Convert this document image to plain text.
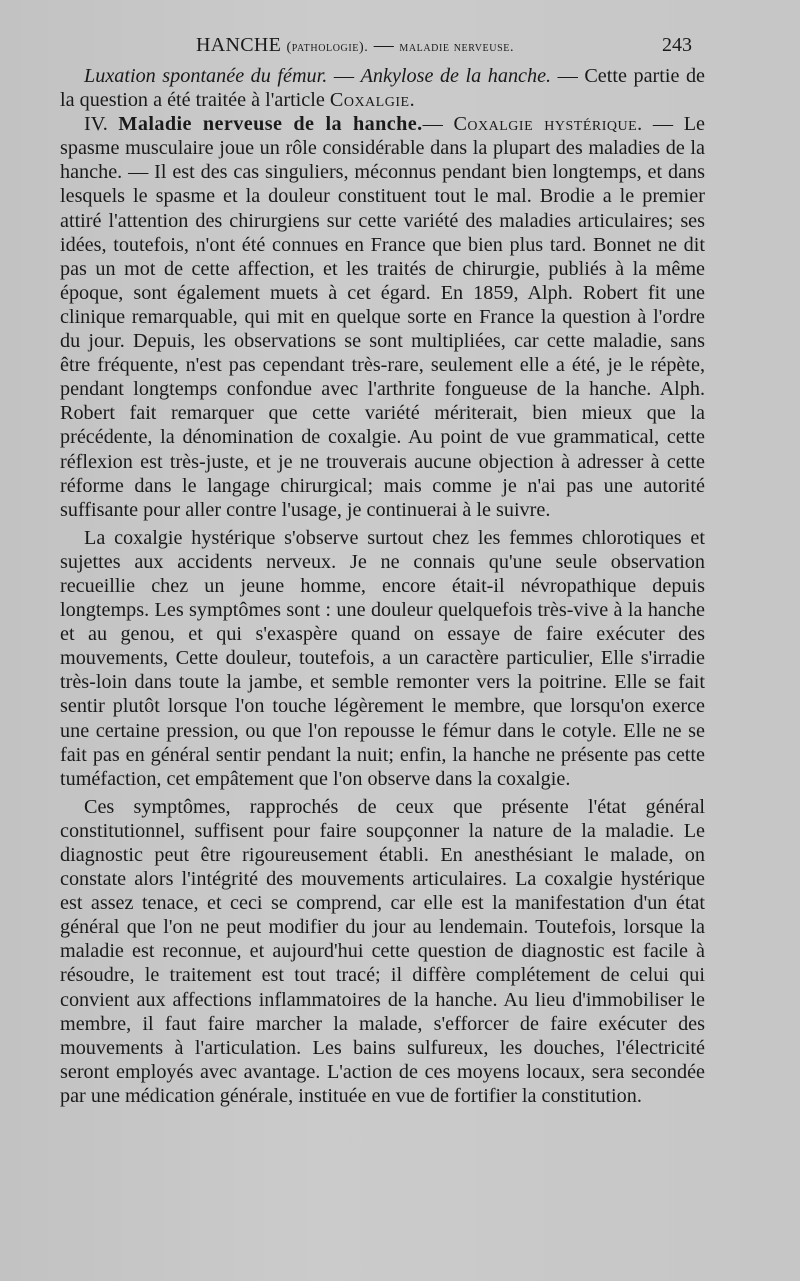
HANCHE (pathologie). — maladie nerveuse.	243

Luxation spontanée du fémur. — Ankylose de la hanche. — Cette partie de la question a été traitée à l'article Coxalgie.

IV. Maladie nerveuse de la hanche.— Coxalgie hystérique. — Le spasme musculaire joue un rôle considérable dans la plupart des maladies de la hanche. — Il est des cas singuliers, méconnus pendant bien longtemps, et dans lesquels le spasme et la douleur constituent tout le mal. Brodie a le premier attiré l'attention des chirurgiens sur cette variété des maladies articulaires; ses idées, toutefois, n'ont été connues en France que bien plus tard. Bonnet ne dit pas un mot de cette affection, et les traités de chirurgie, publiés à la même époque, sont également muets à cet égard. En 1859, Alph. Robert fit une clinique remarquable, qui mit en quelque sorte en France la question à l'ordre du jour. Depuis, les observations se sont multipliées, car cette maladie, sans être fréquente, n'est pas cependant très-rare, seulement elle a été, je le répète, pendant longtemps confondue avec l'arthrite fongueuse de la hanche. Alph. Robert fait remarquer que cette variété mériterait, bien mieux que la précédente, la dénomination de coxalgie. Au point de vue grammatical, cette réflexion est très-juste, et je ne trouverais aucune objection à adresser à cette réforme dans le langage chirurgical; mais comme je n'ai pas une autorité suffisante pour aller contre l'usage, je continuerai à le suivre.

La coxalgie hystérique s'observe surtout chez les femmes chlorotiques et sujettes aux accidents nerveux. Je ne connais qu'une seule observation recueillie chez un jeune homme, encore était-il névropathique depuis longtemps. Les symptômes sont : une douleur quelquefois très-vive à la hanche et au genou, et qui s'exaspère quand on essaye de faire exécuter des mouvements, Cette douleur, toutefois, a un caractère particulier, Elle s'irradie très-loin dans toute la jambe, et semble remonter vers la poitrine. Elle se fait sentir plutôt lorsque l'on touche légèrement le membre, que lorsqu'on exerce une certaine pression, ou que l'on repousse le fémur dans le cotyle. Elle ne se fait pas en général sentir pendant la nuit; enfin, la hanche ne présente pas cette tuméfaction, cet empâtement que l'on observe dans la coxalgie.

Ces symptômes, rapprochés de ceux que présente l'état général constitutionnel, suffisent pour faire soupçonner la nature de la maladie. Le diagnostic peut être rigoureusement établi. En anesthésiant le malade, on constate alors l'intégrité des mouvements articulaires. La coxalgie hystérique est assez tenace, et ceci se comprend, car elle est la manifestation d'un état général que l'on ne peut modifier du jour au lendemain. Toutefois, lorsque la maladie est reconnue, et aujourd'hui cette question de diagnostic est facile à résoudre, le traitement est tout tracé; il diffère complétement de celui qui convient aux affections inflammatoires de la hanche. Au lieu d'immobiliser le membre, il faut faire marcher la malade, s'efforcer de faire exécuter des mouvements à l'articulation. Les bains sulfureux, les douches, l'électricité seront employés avec avantage. L'action de ces moyens locaux, sera secondée par une médication générale, instituée en vue de fortifier la constitution.
